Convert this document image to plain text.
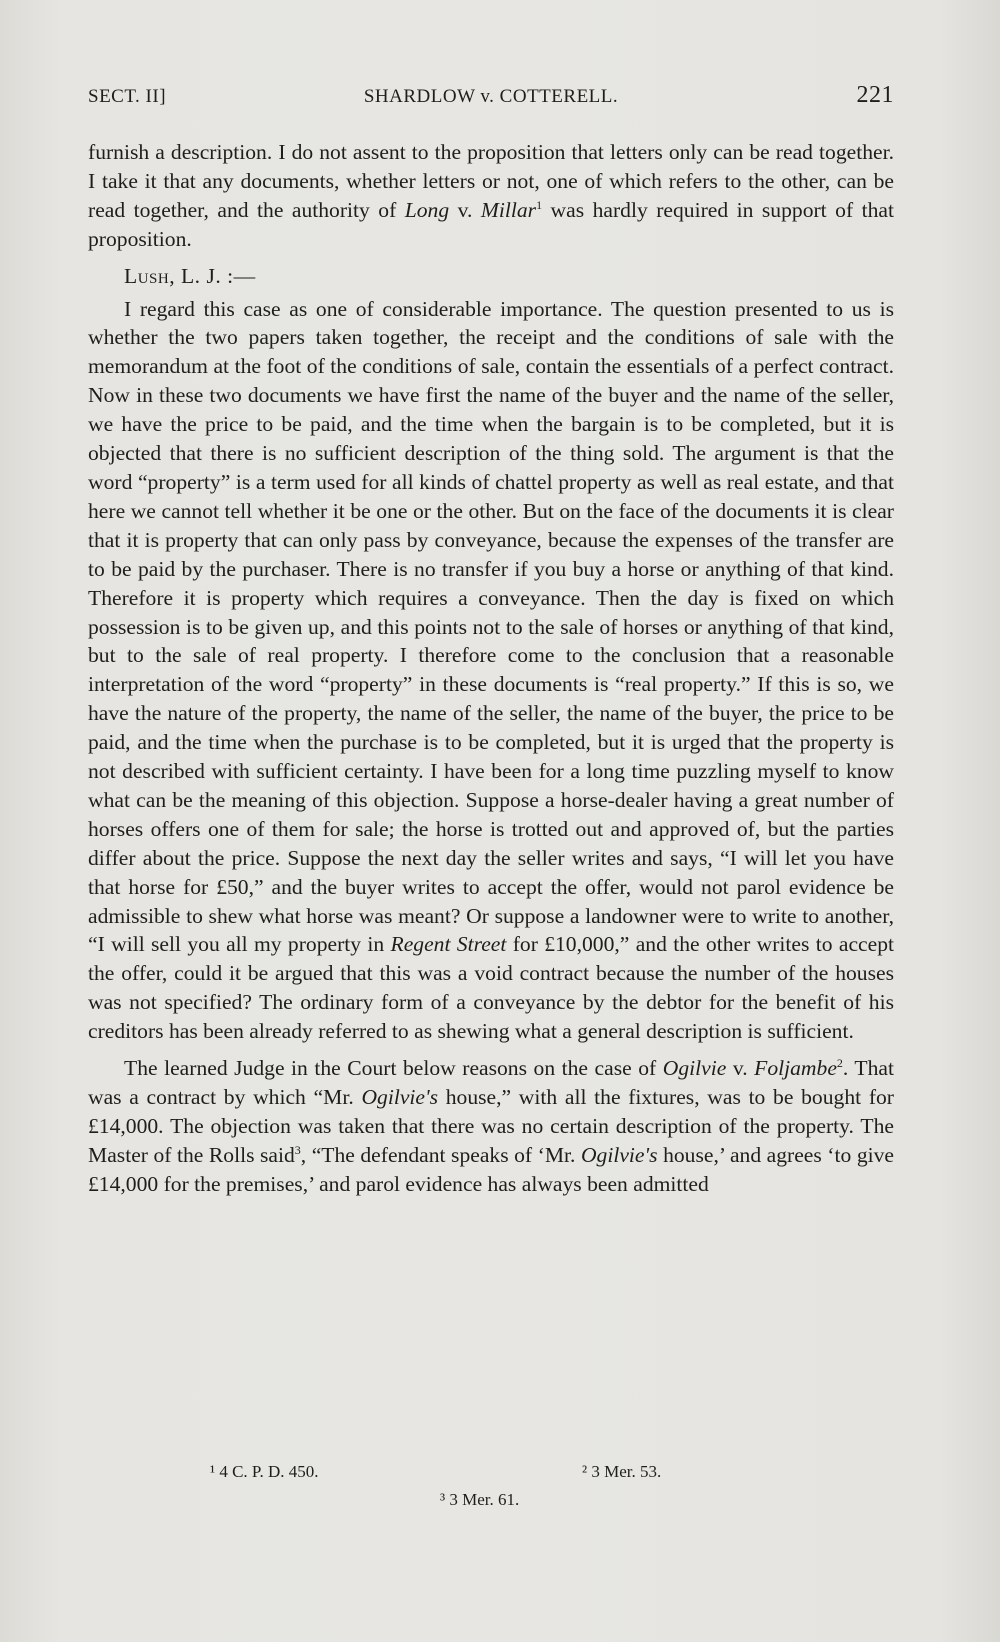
SECT. II]	SHARDLOW v. COTTERELL.	221

furnish a description. I do not assent to the proposition that letters only can be read together. I take it that any documents, whether letters or not, one of which refers to the other, can be read together, and the authority of Long v. Millar$^1$ was hardly required in support of that proposition.

Lush, L. J. :—

I regard this case as one of considerable importance. The question presented to us is whether the two papers taken together, the receipt and the conditions of sale with the memorandum at the foot of the conditions of sale, contain the essentials of a perfect contract. Now in these two documents we have first the name of the buyer and the name of the seller, we have the price to be paid, and the time when the bargain is to be completed, but it is objected that there is no sufficient description of the thing sold. The argument is that the word “property” is a term used for all kinds of chattel property as well as real estate, and that here we cannot tell whether it be one or the other. But on the face of the documents it is clear that it is property that can only pass by conveyance, because the expenses of the transfer are to be paid by the purchaser. There is no transfer if you buy a horse or anything of that kind. Therefore it is property which requires a conveyance. Then the day is fixed on which possession is to be given up, and this points not to the sale of horses or anything of that kind, but to the sale of real property. I therefore come to the conclusion that a reasonable interpretation of the word “property” in these documents is “real property.” If this is so, we have the nature of the property, the name of the seller, the name of the buyer, the price to be paid, and the time when the purchase is to be completed, but it is urged that the property is not described with sufficient certainty. I have been for a long time puzzling myself to know what can be the meaning of this objection. Suppose a horse-dealer having a great number of horses offers one of them for sale; the horse is trotted out and approved of, but the parties differ about the price. Suppose the next day the seller writes and says, “I will let you have that horse for £50,” and the buyer writes to accept the offer, would not parol evidence be admissible to shew what horse was meant? Or suppose a landowner were to write to another, “I will sell you all my property in Regent Street for £10,000,” and the other writes to accept the offer, could it be argued that this was a void contract because the number of the houses was not specified? The ordinary form of a conveyance by the debtor for the benefit of his creditors has been already referred to as shewing what a general description is sufficient.

The learned Judge in the Court below reasons on the case of Ogilvie v. Foljambe$^2$. That was a contract by which “Mr. Ogilvie's house,” with all the fixtures, was to be bought for £14,000. The objection was taken that there was no certain description of the property. The Master of the Rolls said$^3$, “The defendant speaks of ‘Mr. Ogilvie's house,’ and agrees ‘to give £14,000 for the premises,’ and parol evidence has always been admitted

¹ 4 C. P. D. 450.	² 3 Mer. 53.
³ 3 Mer. 61.
